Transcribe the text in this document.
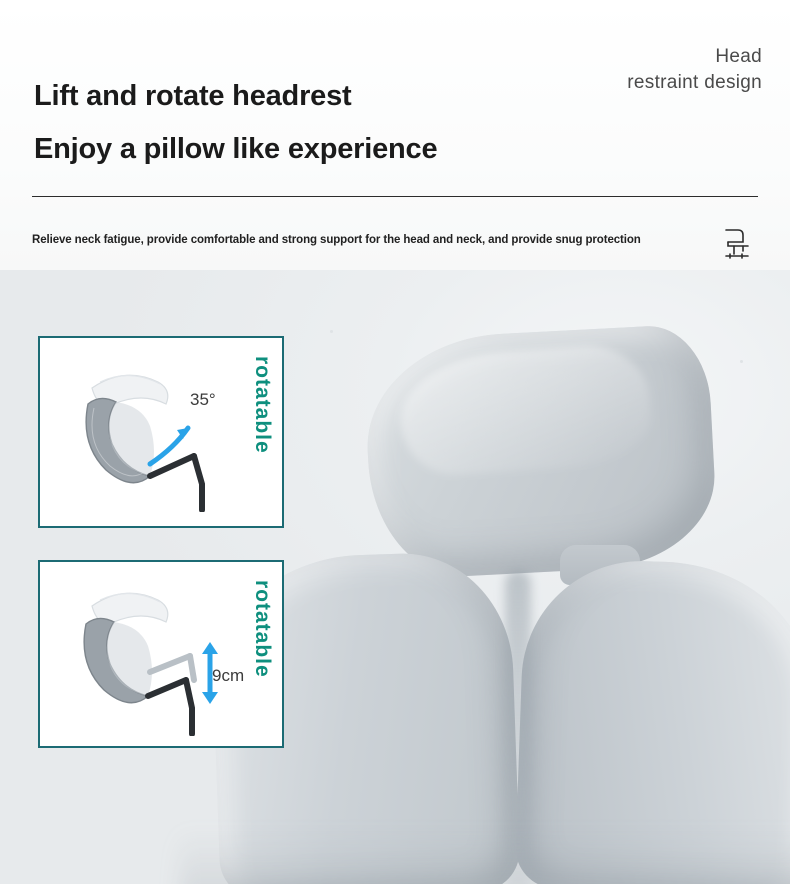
Head
restraint design
Lift and rotate headrest
Enjoy a pillow like experience
Relieve neck fatigue, provide comfortable and strong support for the head and neck, and provide snug protection
35° rotatable
9cm rotatable
